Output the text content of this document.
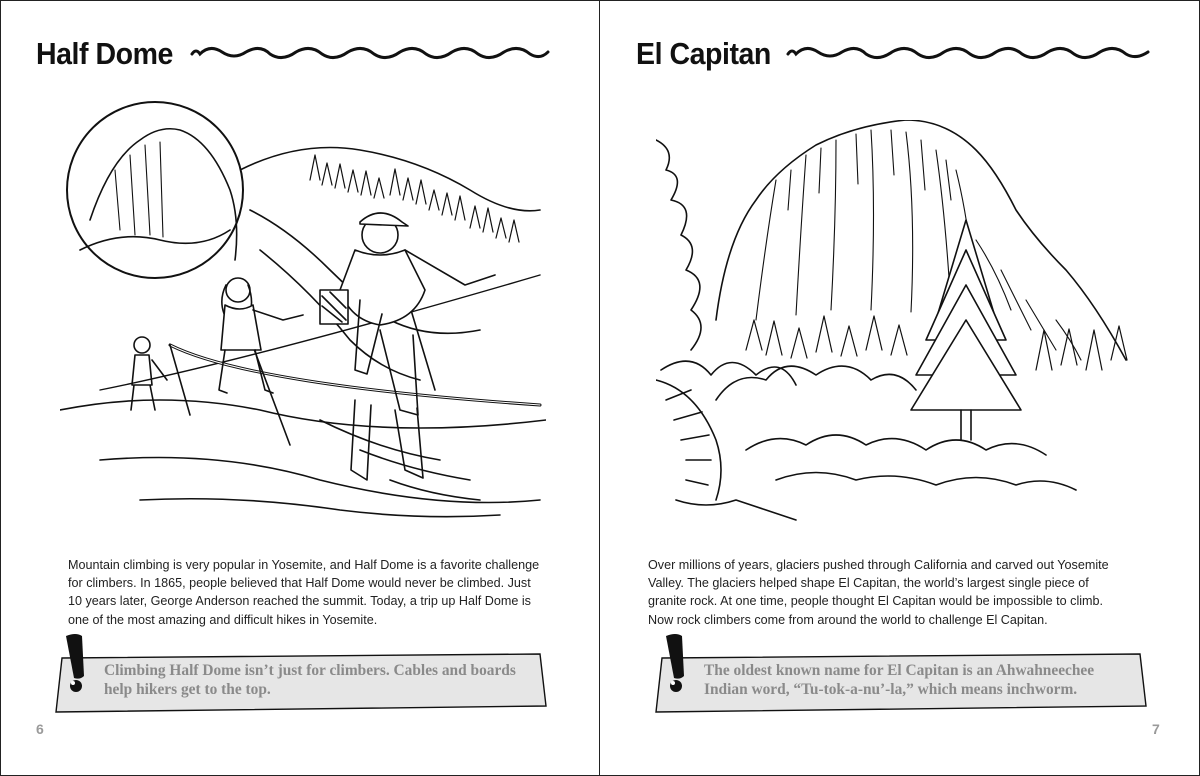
Half Dome

Mountain climbing is very popular in Yosemite, and Half Dome is a favorite challenge for climbers. In 1865, people believed that Half Dome would never be climbed. Just 10 years later, George Anderson reached the summit. Today, a trip up Half Dome is one of the most amazing and difficult hikes in Yosemite.

Climbing Half Dome isn’t just for climbers. Cables and boards help hikers get to the top.

6
El Capitan

Over millions of years, glaciers pushed through California and carved out Yosemite Valley. The glaciers helped shape El Capitan, the world’s largest single piece of granite rock. At one time, people thought El Capitan would be impossible to climb. Now rock climbers come from around the world to challenge El Capitan.

The oldest known name for El Capitan is an Ahwahneechee Indian word, “Tu-tok-a-nu’-la,” which means inchworm.

7
